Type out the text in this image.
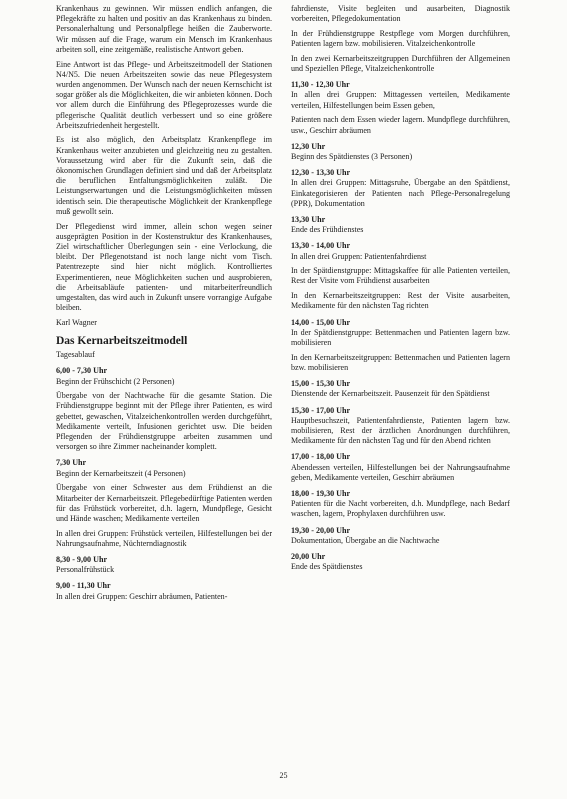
Krankenhaus zu gewinnen. Wir müssen endlich anfangen, die Pflegekräfte zu halten und positiv an das Krankenhaus zu binden. Personalerhaltung und Personalpflege heißen die Zauberworte. Wir müssen auf die Frage, warum ein Mensch im Krankenhaus arbeiten soll, eine zeitgemäße, realistische Antwort geben.

Eine Antwort ist das Pflege- und Arbeitszeitmodell der Stationen N4/N5. Die neuen Arbeitszeiten sowie das neue Pflegesystem wurden angenommen. Der Wunsch nach der neuen Kernschicht ist sogar größer als die Möglichkeiten, die wir anbieten können. Doch vor allem durch die Einführung des Pflegeprozesses wurde die pflegerische Qualität deutlich verbessert und so eine größere Arbeitszufriedenheit hergestellt.

Es ist also möglich, den Arbeitsplatz Krankenpflege im Krankenhaus weiter anzubieten und gleichzeitig neu zu gestalten. Voraussetzung wird aber für die Zukunft sein, daß die ökonomischen Grundlagen definiert sind und daß der Arbeitsplatz die beruflichen Entfaltungsmöglichkeiten zuläßt. Die Leistungserwartungen und die Leistungsmöglichkeiten müssen identisch sein. Die therapeutische Möglichkeit der Krankenpflege muß gewollt sein.

Der Pflegedienst wird immer, allein schon wegen seiner ausgeprägten Position in der Kostenstruktur des Krankenhauses, Ziel wirtschaftlicher Überlegungen sein - eine Verlockung, die bleibt. Der Pflegenotstand ist noch lange nicht vom Tisch. Patentrezepte sind hier nicht möglich. Kontrolliertes Experimentieren, neue Möglichkeiten suchen und ausprobieren, die Arbeitsabläufe patienten- und mitarbeiterfreundlich umgestalten, das wird auch in Zukunft unsere vorrangige Aufgabe bleiben.

Karl Wagner

Das Kernarbeitszeitmodell

Tagesablauf

6,00 - 7,30 Uhr

Beginn der Frühschicht (2 Personen)

Übergabe von der Nachtwache für die gesamte Station. Die Frühdienstgruppe beginnt mit der Pflege ihrer Patienten, es wird gebettet, gewaschen, Vitalzeichenkontrollen werden durchgeführt, Medikamente verteilt, Infusionen gerichtet usw. Die beiden Pflegenden der Frühdienstgruppe arbeiten zusammen und versorgen so ihre Zimmer nacheinander komplett.

7,30 Uhr

Beginn der Kernarbeitszeit (4 Personen)

Übergabe von einer Schwester aus dem Frühdienst an die Mitarbeiter der Kernarbeitszeit. Pflegebedürftige Patienten werden für das Frühstück vorbereitet, d.h. lagern, Mundpflege, Gesicht und Hände waschen; Medikamente verteilen

In allen drei Gruppen: Frühstück verteilen, Hilfestellungen bei der Nahrungsaufnahme, Nüchterndiagnostik

8,30 - 9,00 Uhr

Personalfrühstück

9,00 - 11,30 Uhr

In allen drei Gruppen: Geschirr abräumen, Patienten-

fahrdienste, Visite begleiten und ausarbeiten, Diagnostik vorbereiten, Pflegedokumentation

In der Frühdienstgruppe Restpflege vom Morgen durchführen, Patienten lagern bzw. mobilisieren. Vitalzeichenkontrolle

In den zwei Kernarbeitszeitgruppen Durchführen der Allgemeinen und Speziellen Pflege, Vitalzeichenkontrolle

11,30 - 12,30 Uhr

In allen drei Gruppen: Mittagessen verteilen, Medikamente verteilen, Hilfestellungen beim Essen geben,

Patienten nach dem Essen wieder lagern. Mundpflege durchführen, usw., Geschirr abräumen

12,30 Uhr

Beginn des Spätdienstes (3 Personen)

12,30 - 13,30 Uhr

In allen drei Gruppen: Mittagsruhe, Übergabe an den Spätdienst, Einkategorisieren der Patienten nach Pflege-Personalregelung (PPR), Dokumentation

13,30 Uhr

Ende des Frühdienstes

13,30 - 14,00 Uhr

In allen drei Gruppen: Patientenfahrdienst

In der Spätdienstgruppe: Mittagskaffee für alle Patienten verteilen, Rest der Visite vom Frühdienst ausarbeiten

In den Kernarbeitszeitgruppen: Rest der Visite ausarbeiten, Medikamente für den nächsten Tag richten

14,00 - 15,00 Uhr

In der Spätdienstgruppe: Bettenmachen und Patienten lagern bzw. mobilisieren

In den Kernarbeitszeitgruppen: Bettenmachen und Patienten lagern bzw. mobilisieren

15,00 - 15,30 Uhr

Dienstende der Kernarbeitszeit. Pausenzeit für den Spätdienst

15,30 - 17,00 Uhr

Hauptbesuchszeit, Patientenfahrdienste, Patienten lagern bzw. mobilisieren, Rest der ärztlichen Anordnungen durchführen, Medikamente für den nächsten Tag und für den Abend richten

17,00 - 18,00 Uhr

Abendessen verteilen, Hilfestellungen bei der Nahrungsaufnahme geben, Medikamente verteilen, Geschirr abräumen

18,00 - 19,30 Uhr

Patienten für die Nacht vorbereiten, d.h. Mundpflege, nach Bedarf waschen, lagern, Prophylaxen durchführen usw.

19,30 - 20,00 Uhr

Dokumentation, Übergabe an die Nachtwache

20,00 Uhr

Ende des Spätdienstes

25
